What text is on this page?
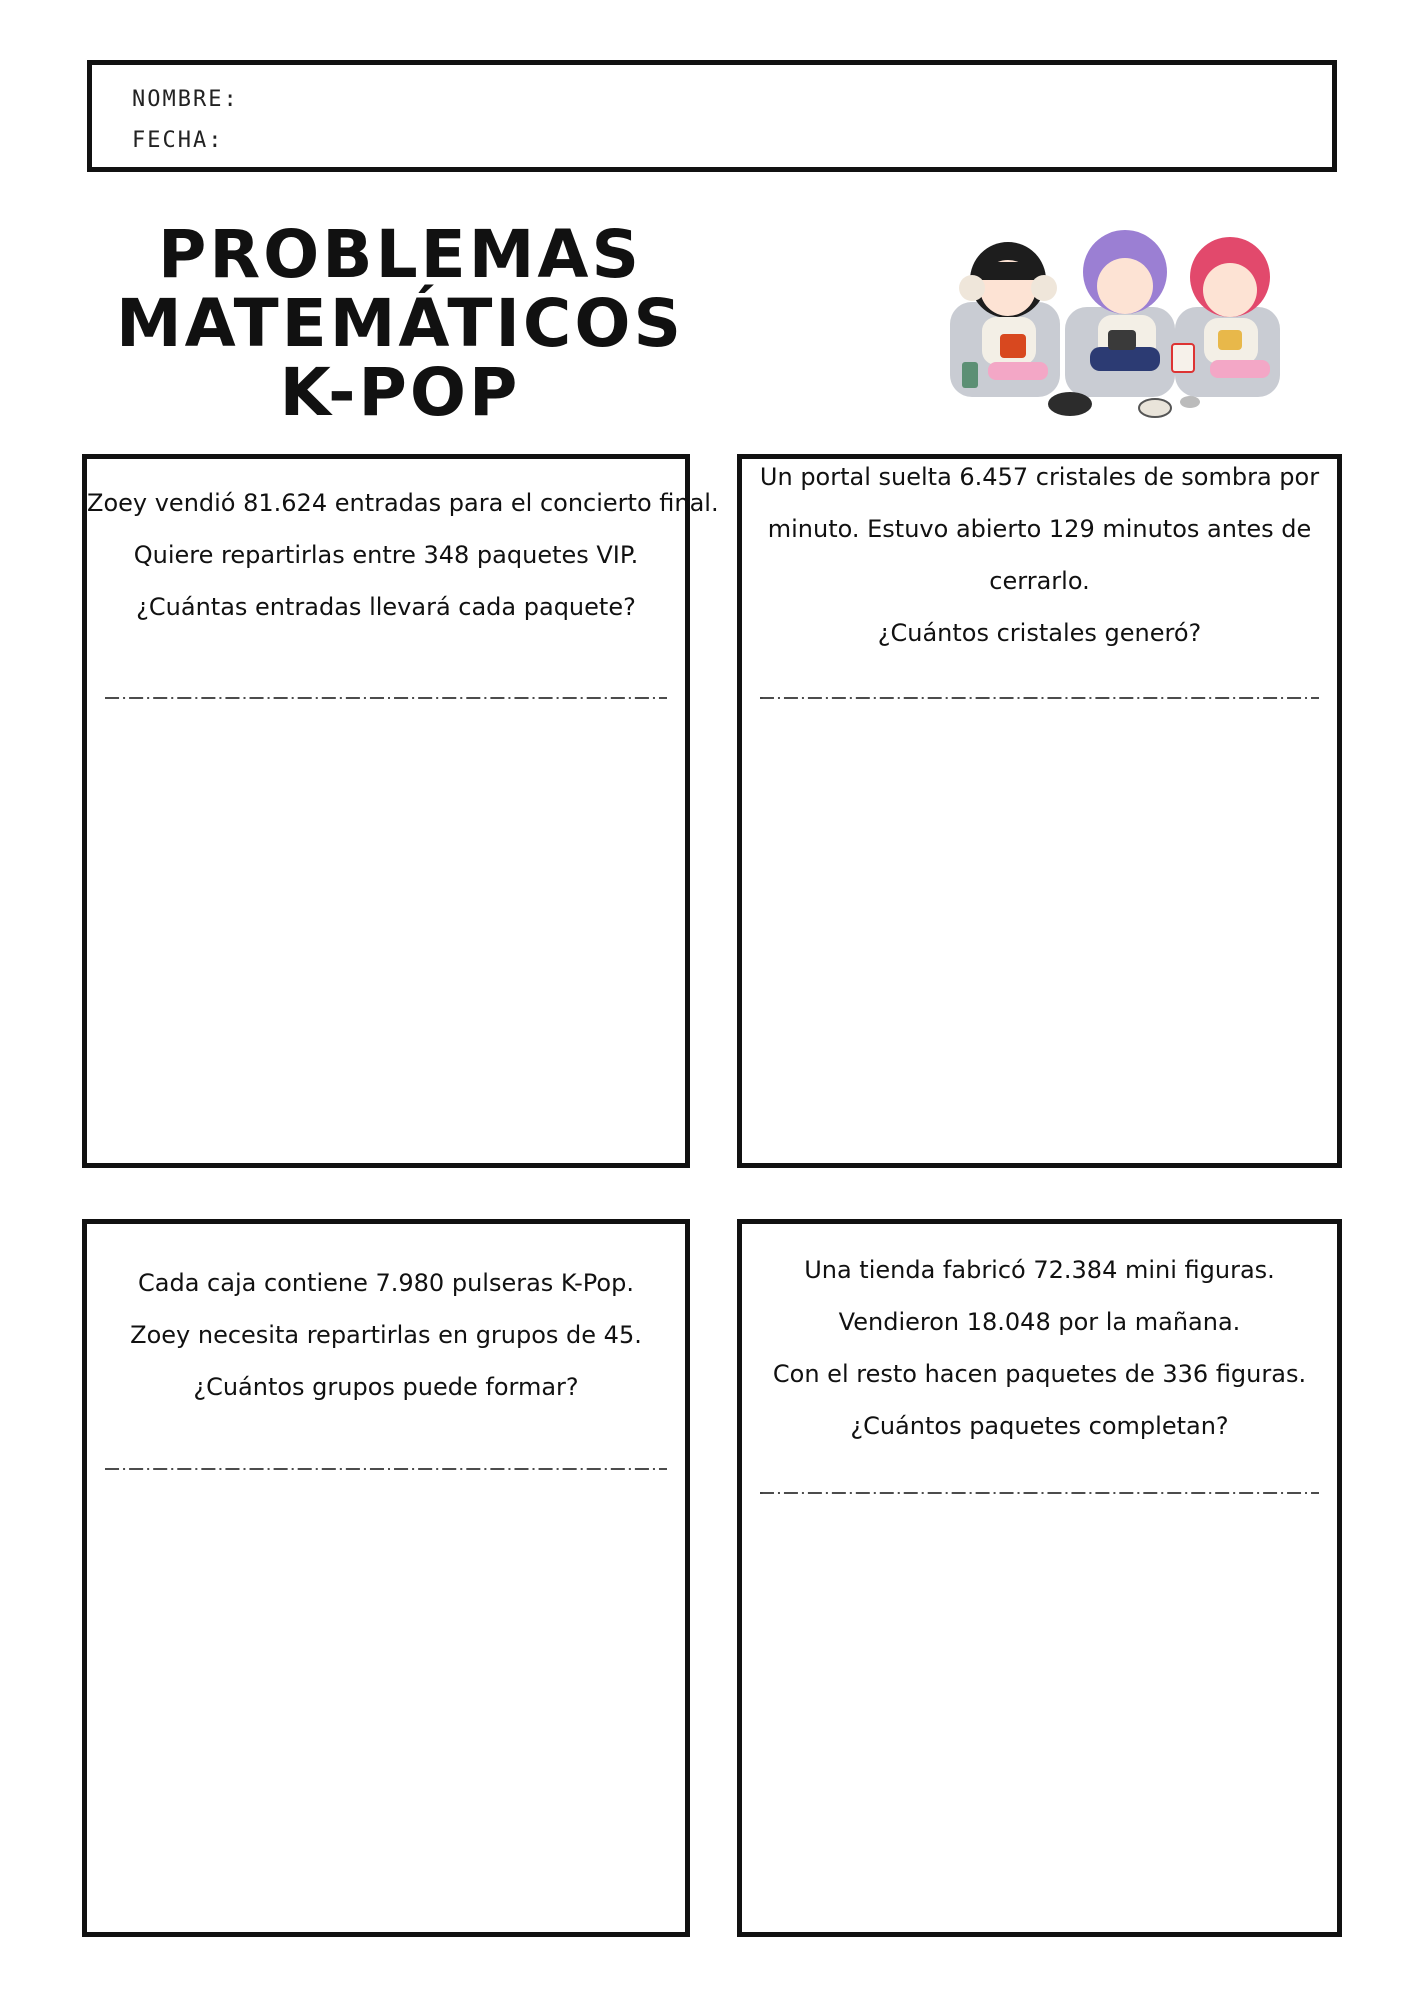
NOMBRE:
FECHA:
PROBLEMAS
MATEMÁTICOS
K-POP
Zoey vendió 81.624 entradas para el concierto final.
Quiere repartirlas entre 348 paquetes VIP.
¿Cuántas entradas llevará cada paquete?
Un portal suelta 6.457 cristales de sombra por
minuto. Estuvo abierto 129 minutos antes de
cerrarlo.
¿Cuántos cristales generó?
Cada caja contiene 7.980 pulseras K-Pop.
Zoey necesita repartirlas en grupos de 45.
¿Cuántos grupos puede formar?
Una tienda fabricó 72.384 mini figuras.
Vendieron 18.048 por la mañana.
Con el resto hacen paquetes de 336 figuras.
¿Cuántos paquetes completan?
